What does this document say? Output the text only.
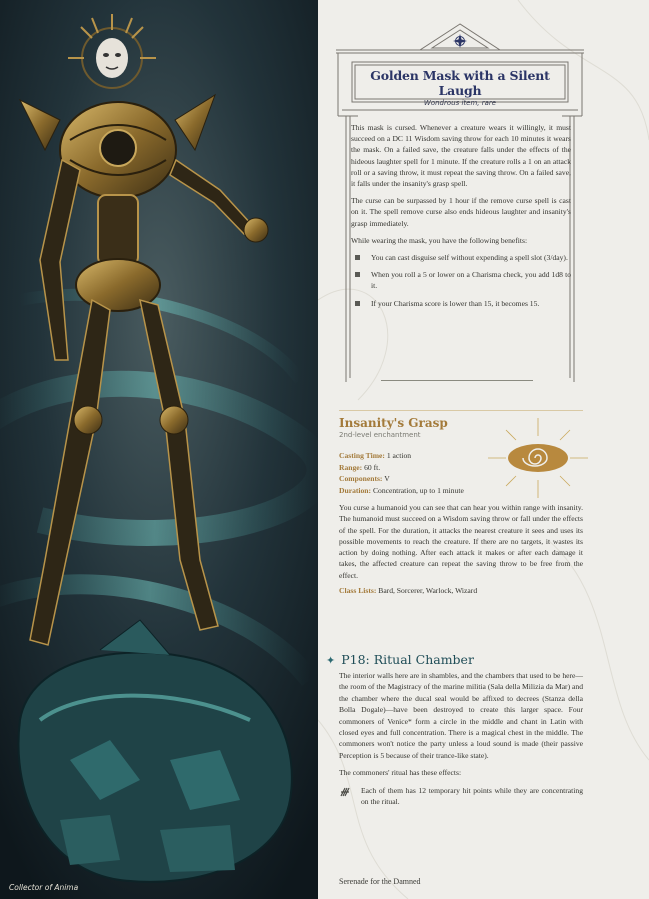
Collector of Anima
Golden Mask with a Silent Laugh
Wondrous item, rare

This mask is cursed. Whenever a creature wears it willingly, it must succeed on a DC 11 Wisdom saving throw for each 10 minutes it wears the mask. On a failed save, the creature falls under the effects of the hideous laughter spell for 1 minute. If the creature rolls a 1 on an attack roll or a saving throw, it must repeat the saving throw. On a failed save, it falls under the insanity's grasp spell.

The curse can be surpassed by 1 hour if the remove curse spell is cast on it. The spell remove curse also ends hideous laughter and insanity's grasp immediately.

While wearing the mask, you have the following benefits:

You can cast disguise self without expending a spell slot (3/day).
When you roll a 5 or lower on a Charisma check, you add 1d8 to it.
If your Charisma score is lower than 15, it becomes 15.
Insanity's Grasp
2nd-level enchantment
Casting Time: 1 action
Range: 60 ft.
Components: V
Duration: Concentration, up to 1 minute
You curse a humanoid you can see that can hear you within range with insanity. The humanoid must succeed on a Wisdom saving throw or fall under the effects of the spell. For the duration, it attacks the nearest creature it sees and uses its possible movements to reach the creature. If there are no targets, it wastes its action by doing nothing. After each attack it makes or after each damage it takes, the affected creature can repeat the saving throw to be free from the effect.
Class Lists: Bard, Sorcerer, Warlock, Wizard
✦ P18: Ritual Chamber

The interior walls here are in shambles, and the chambers that used to be here—the room of the Magistracy of the marine militia (Sala della Milizia da Mar) and the chamber where the ducal seal would be affixed to decrees (Stanza della Bolla Dogale)—have been destroyed to create this larger space. Four commoners of Venice* form a circle in the middle and chant in Latin with closed eyes and full concentration. There is a magical chest in the middle. The commoners won't notice the party unless a loud sound is made (their passive Perception is 5 because of their trance-like state).

The commoners' ritual has these effects:

Each of them has 12 temporary hit points while they are concentrating on the ritual.
Serenade for the Damned
